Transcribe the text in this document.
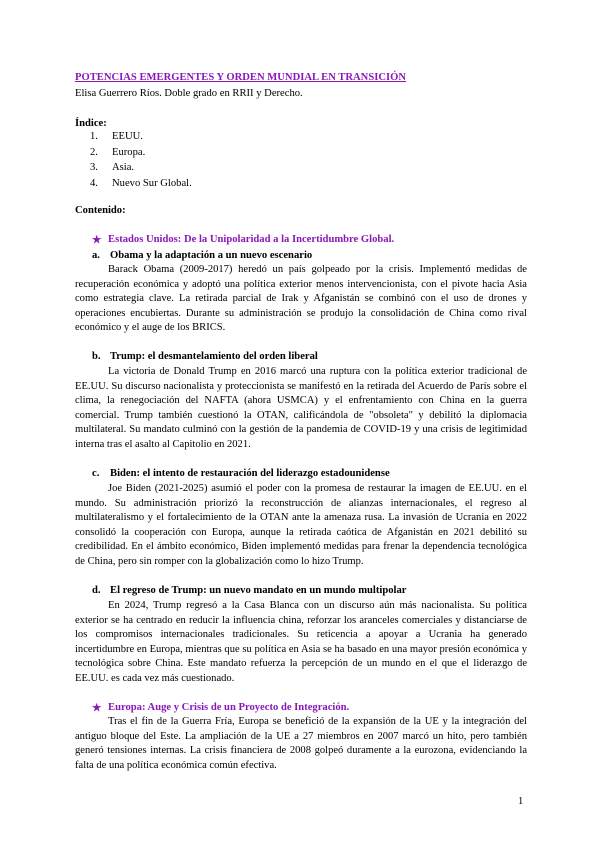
POTENCIAS EMERGENTES Y ORDEN MUNDIAL EN TRANSICIÓN
Elisa Guerrero Ríos. Doble grado en RRII y Derecho.
Índice:
1.	EEUU.
2.	Europa.
3.	Asia.
4.	Nuevo Sur Global.
Contenido:
★ Estados Unidos: De la Unipolaridad a la Incertidumbre Global.
a. Obama y la adaptación a un nuevo escenario

Barack Obama (2009-2017) heredó un país golpeado por la crisis. Implementó medidas de recuperación económica y adoptó una política exterior menos intervencionista, con el pivote hacia Asia como estrategia clave. La retirada parcial de Irak y Afganistán se combinó con el uso de drones y operaciones encubiertas. Durante su administración se produjo la consolidación de China como rival económico y el auge de los BRICS.

b. Trump: el desmantelamiento del orden liberal

La victoria de Donald Trump en 2016 marcó una ruptura con la política exterior tradicional de EE.UU. Su discurso nacionalista y proteccionista se manifestó en la retirada del Acuerdo de París sobre el clima, la renegociación del NAFTA (ahora USMCA) y el enfrentamiento con China en la guerra comercial. Trump también cuestionó la OTAN, calificándola de "obsoleta" y debilitó la diplomacia multilateral. Su mandato culminó con la gestión de la pandemia de COVID-19 y una crisis de legitimidad interna tras el asalto al Capitolio en 2021.

c.	Biden: el intento de restauración del liderazgo estadounidense

Joe Biden (2021-2025) asumió el poder con la promesa de restaurar la imagen de EE.UU. en el mundo. Su administración priorizó la reconstrucción de alianzas internacionales, el regreso al multilateralismo y el fortalecimiento de la OTAN ante la amenaza rusa. La invasión de Ucrania en 2022 consolidó la cooperación con Europa, aunque la retirada caótica de Afganistán en 2021 debilitó su credibilidad. En el ámbito económico, Biden implementó medidas para frenar la dependencia tecnológica de China, pero sin romper con la globalización como lo hizo Trump.

d. El regreso de Trump: un nuevo mandato en un mundo multipolar

En 2024, Trump regresó a la Casa Blanca con un discurso aún más nacionalista. Su política exterior se ha centrado en reducir la influencia china, reforzar los aranceles comerciales y distanciarse de los compromisos internacionales tradicionales. Su reticencia a apoyar a Ucrania ha generado incertidumbre en Europa, mientras que su política en Asia se ha basado en una mayor presión económica y tecnológica sobre China. Este mandato refuerza la percepción de un mundo en el que el liderazgo de EE.UU. es cada vez más cuestionado.

★ Europa: Auge y Crisis de un Proyecto de Integración.

Tras el fin de la Guerra Fría, Europa se benefició de la expansión de la UE y la integración del antiguo bloque del Este. La ampliación de la UE a 27 miembros en 2007 marcó un hito, pero también generó tensiones internas. La crisis financiera de 2008 golpeó duramente a la eurozona, evidenciando la falta de una política económica común efectiva.

1
